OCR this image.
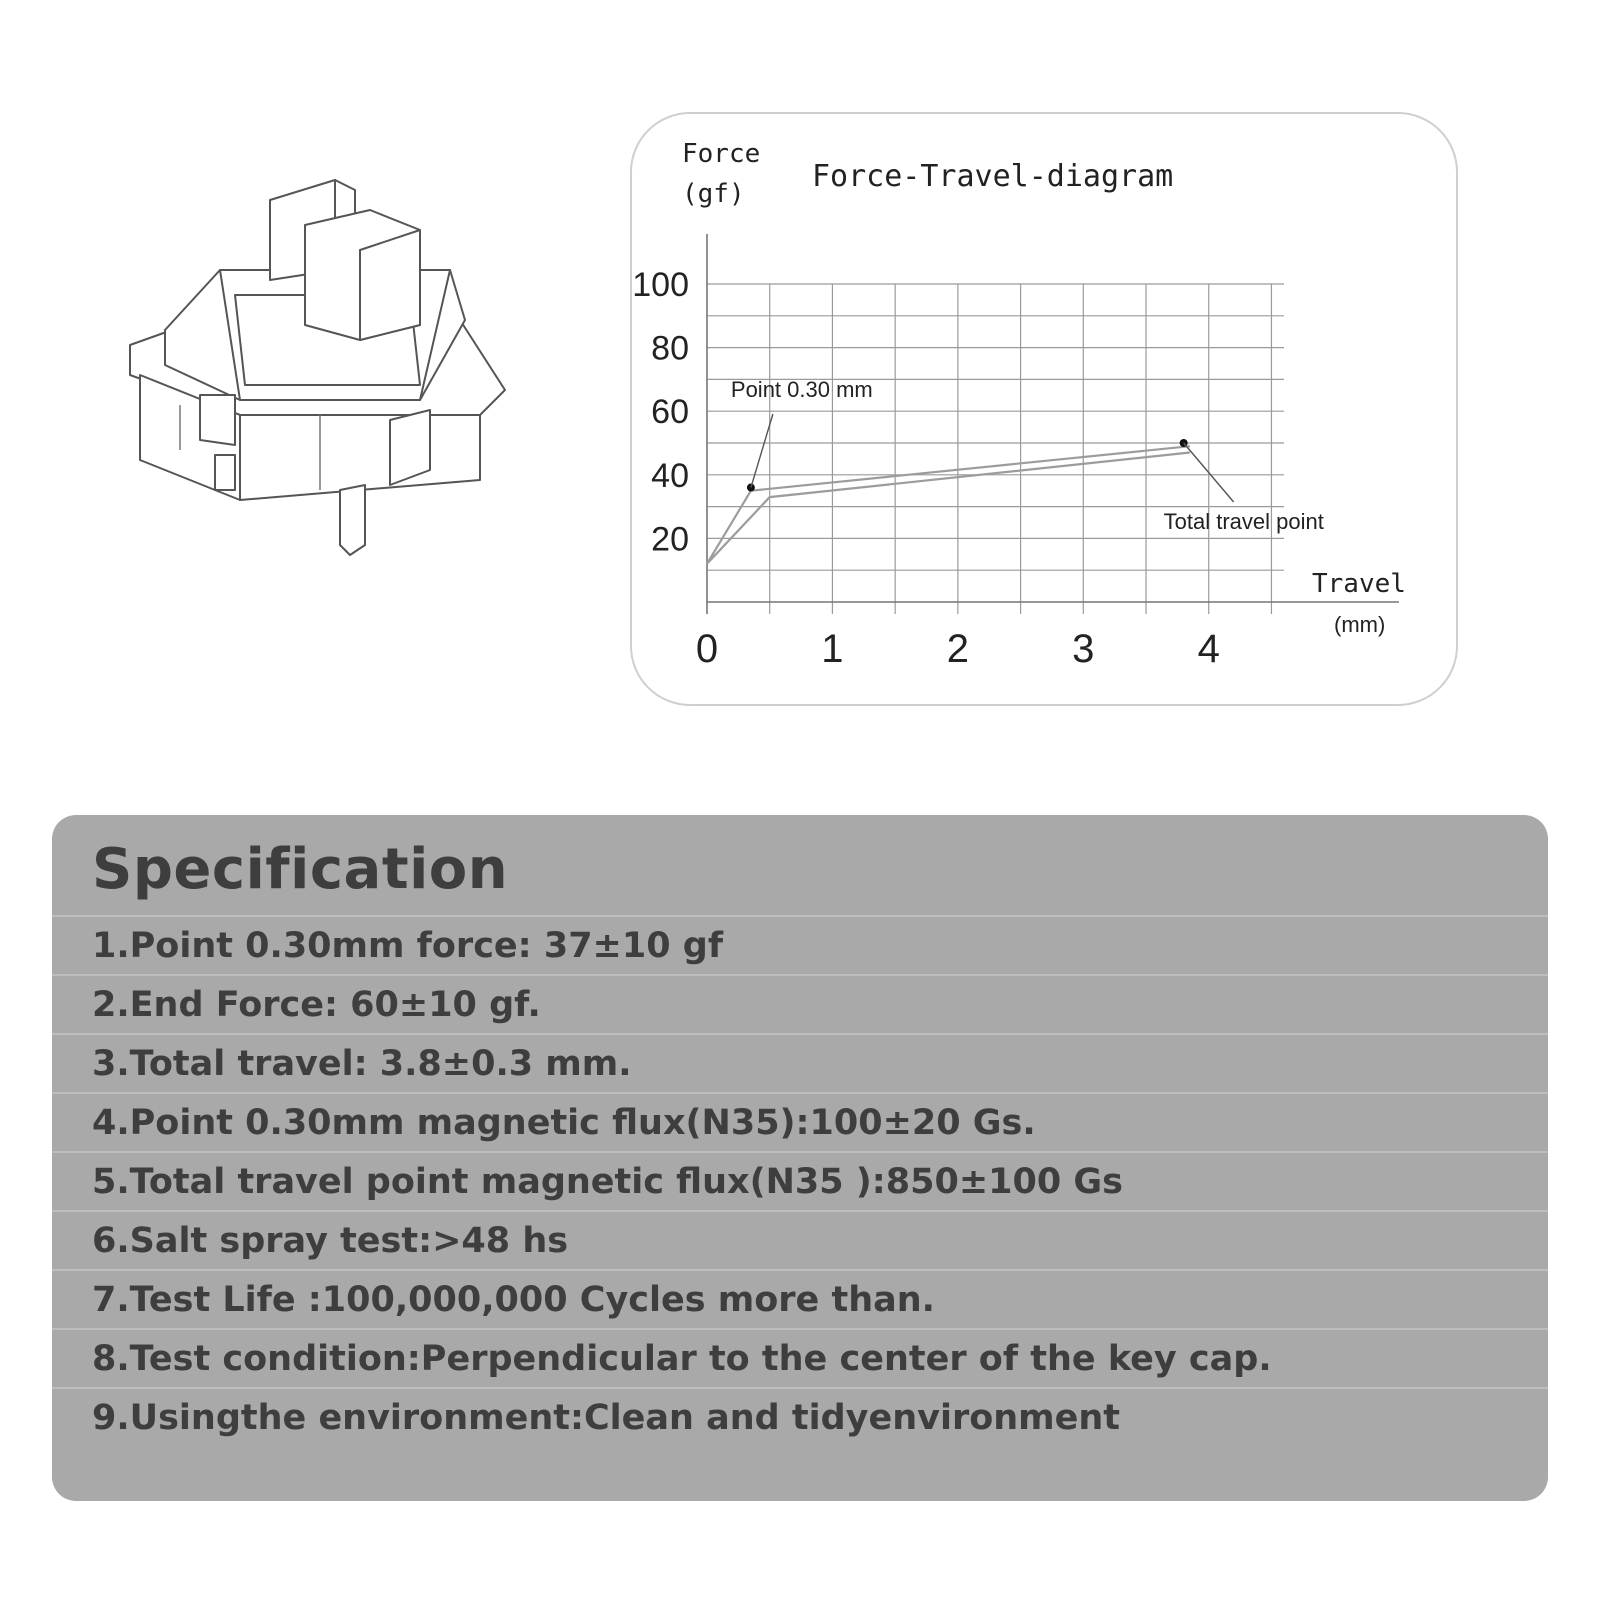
20
40
60
80
100
0	1	2	3	4
Force-Travel-diagram
Force
(gf)
Travel
(mm)
Point 0.30 mm
Total travel point
Specification
1.Point 0.30mm force: 37±10 gf
2.End Force: 60±10 gf.
3.Total travel: 3.8±0.3 mm.
4.Point 0.30mm magnetic flux(N35):100±20 Gs.
5.Total travel point magnetic flux(N35 ):850±100 Gs
6.Salt spray test:>48 hs
7.Test Life :100,000,000 Cycles more than.
8.Test condition:Perpendicular to the center of the key cap.
9.Usingthe environment:Clean and tidyenvironment
